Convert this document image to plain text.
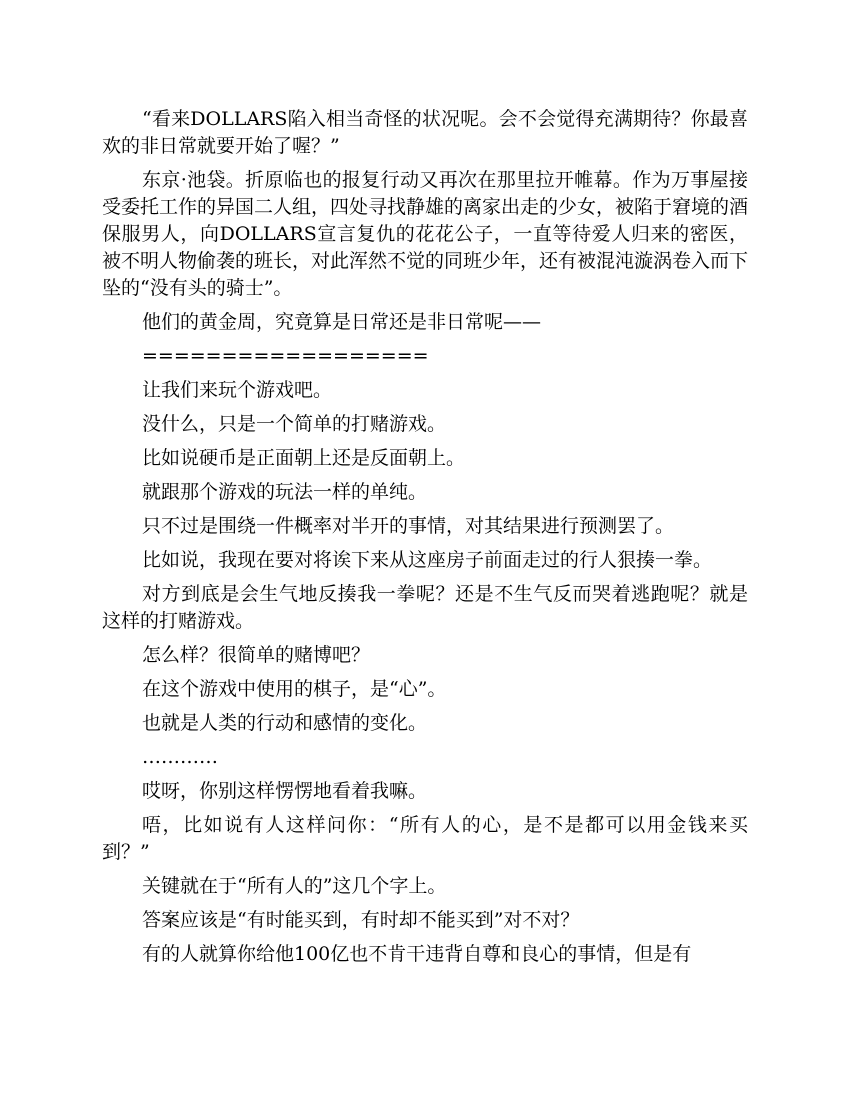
“看来DOLLARS陷入相当奇怪的状况呢。会不会觉得充满期待？你最喜欢的非日常就要开始了喔？”

东京·池袋。折原临也的报复行动又再次在那里拉开帷幕。作为万事屋接受委托工作的异国二人组，四处寻找静雄的离家出走的少女，被陷于窘境的酒保服男人，向DOLLARS宣言复仇的花花公子，一直等待爱人归来的密医，被不明人物偷袭的班长，对此浑然不觉的同班少年，还有被混沌漩涡卷入而下坠的“没有头的骑士”。

他们的黄金周，究竟算是日常还是非日常呢——

==================

让我们来玩个游戏吧。

没什么，只是一个简单的打赌游戏。

比如说硬币是正面朝上还是反面朝上。

就跟那个游戏的玩法一样的单纯。

只不过是围绕一件概率对半开的事情，对其结果进行预测罢了。

比如说，我现在要对将诶下来从这座房子前面走过的行人狠揍一拳。

对方到底是会生气地反揍我一拳呢？还是不生气反而哭着逃跑呢？就是这样的打赌游戏。

怎么样？很简单的赌博吧？

在这个游戏中使用的棋子，是“心”。

也就是人类的行动和感情的变化。

…………

哎呀，你别这样愣愣地看着我嘛。

唔，比如说有人这样问你：“所有人的心，是不是都可以用金钱来买到？”

关键就在于“所有人的”这几个字上。

答案应该是“有时能买到，有时却不能买到”对不对？

有的人就算你给他100亿也不肯干违背自尊和良心的事情，但是有
